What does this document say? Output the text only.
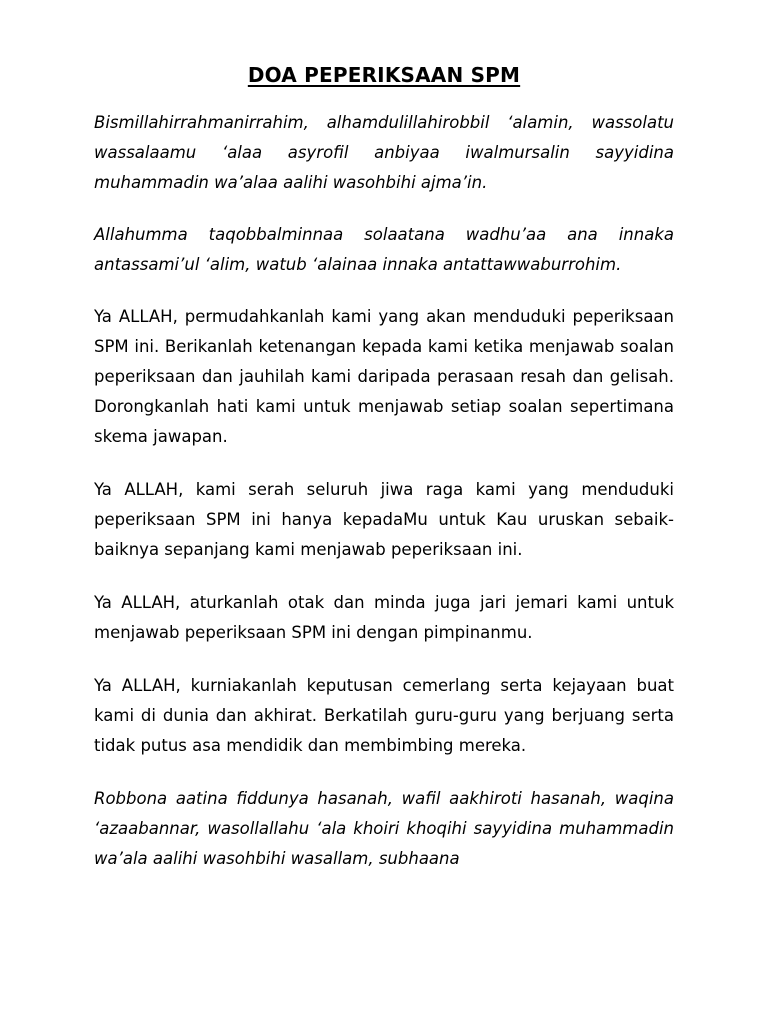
DOA PEPERIKSAAN SPM

Bismillahirrahmanirrahim, alhamdulillahirobbil ‘alamin, wassolatu wassalaamu ‘alaa asyrofil anbiyaa iwalmursalin sayyidina muhammadin wa’alaa aalihi wasohbihi ajma’in.

Allahumma taqobbalminnaa solaatana wadhu’aa ana innaka antassami’ul ‘alim, watub ‘alainaa innaka antattawwaburrohim.

Ya ALLAH, permudahkanlah kami yang akan menduduki peperiksaan SPM ini. Berikanlah ketenangan kepada kami ketika menjawab soalan peperiksaan dan jauhilah kami daripada perasaan resah dan gelisah. Dorongkanlah hati kami untuk menjawab setiap soalan sepertimana skema jawapan.

Ya ALLAH, kami serah seluruh jiwa raga kami yang menduduki peperiksaan SPM ini hanya kepadaMu untuk Kau uruskan sebaik-baiknya sepanjang kami menjawab peperiksaan ini.

Ya ALLAH, aturkanlah otak dan minda juga jari jemari kami untuk menjawab peperiksaan SPM ini dengan pimpinanmu.

Ya ALLAH, kurniakanlah keputusan cemerlang serta kejayaan buat kami di dunia dan akhirat. Berkatilah guru-guru yang berjuang serta tidak putus asa mendidik dan membimbing mereka.

Robbona aatina fiddunya hasanah, wafil aakhiroti hasanah, waqina ‘azaabannar, wasollallahu ‘ala khoiri khoqihi sayyidina muhammadin wa’ala aalihi wasohbihi wasallam, subhaana
